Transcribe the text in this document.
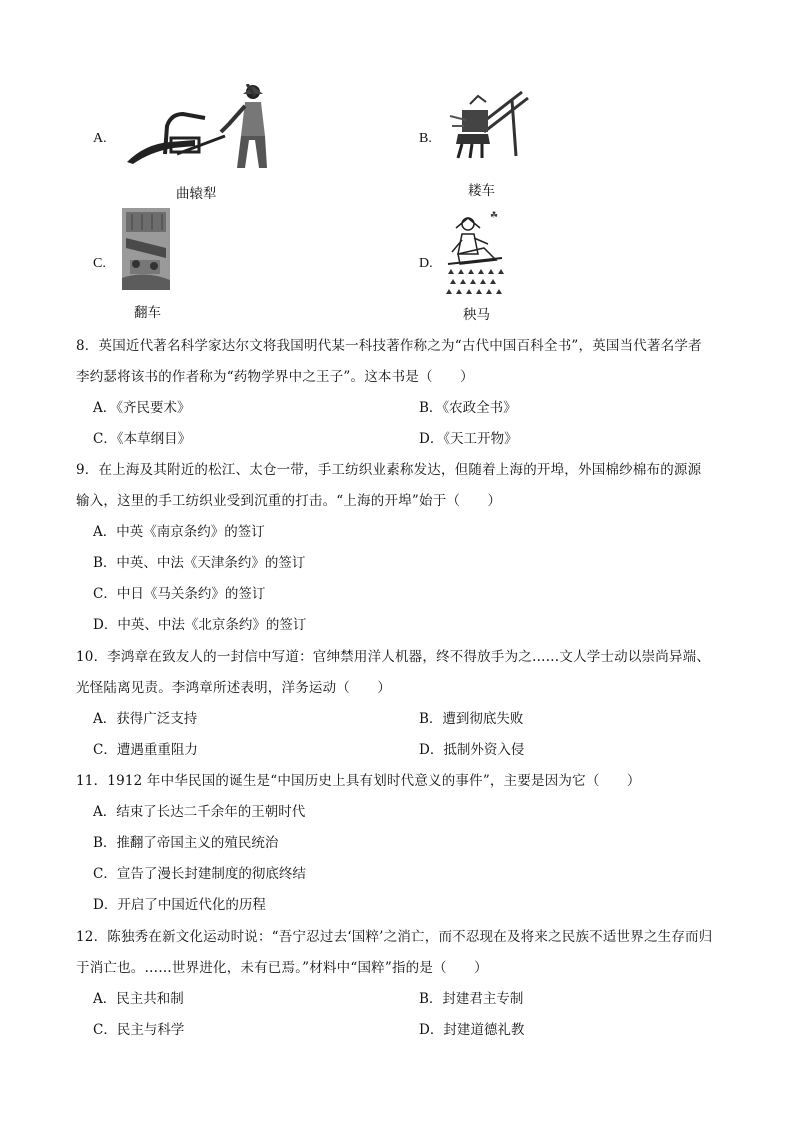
A.
曲辕犁
B.
耧车
C.
翻车
D.
☘
秧马
8．英国近代著名科学家达尔文将我国明代某一科技著作称之为“古代中国百科全书”，英国当代著名学者
李约瑟将该书的作者称为“药物学界中之王子”。这本书是（　　）
A．《齐民要术》	B．《农政全书》
C．《本草纲目》	D．《天工开物》
9．在上海及其附近的松江、太仓一带，手工纺织业素称发达，但随着上海的开埠，外国棉纱棉布的源源
输入，这里的手工纺织业受到沉重的打击。“上海的开埠”始于（　　）
A．中英《南京条约》的签订
B．中英、中法《天津条约》的签订
C．中日《马关条约》的签订
D．中英、中法《北京条约》的签订
10．李鸿章在致友人的一封信中写道：官绅禁用洋人机器，终不得放手为之……文人学士动以崇尚异端、
光怪陆离见责。李鸿章所述表明，洋务运动（　　）
A．获得广泛支持	B．遭到彻底失败
C．遭遇重重阻力	D．抵制外资入侵
11．1912 年中华民国的诞生是“中国历史上具有划时代意义的事件”，主要是因为它（　　）
A．结束了长达二千余年的王朝时代
B．推翻了帝国主义的殖民统治
C．宣告了漫长封建制度的彻底终结
D．开启了中国近代化的历程
12．陈独秀在新文化运动时说：“吾宁忍过去‘国粹’之消亡，而不忍现在及将来之民族不适世界之生存而归
于消亡也。……世界进化，未有已焉。”材料中“国粹”指的是（　　）
A．民主共和制	B．封建君主专制
C．民主与科学	D．封建道德礼教
